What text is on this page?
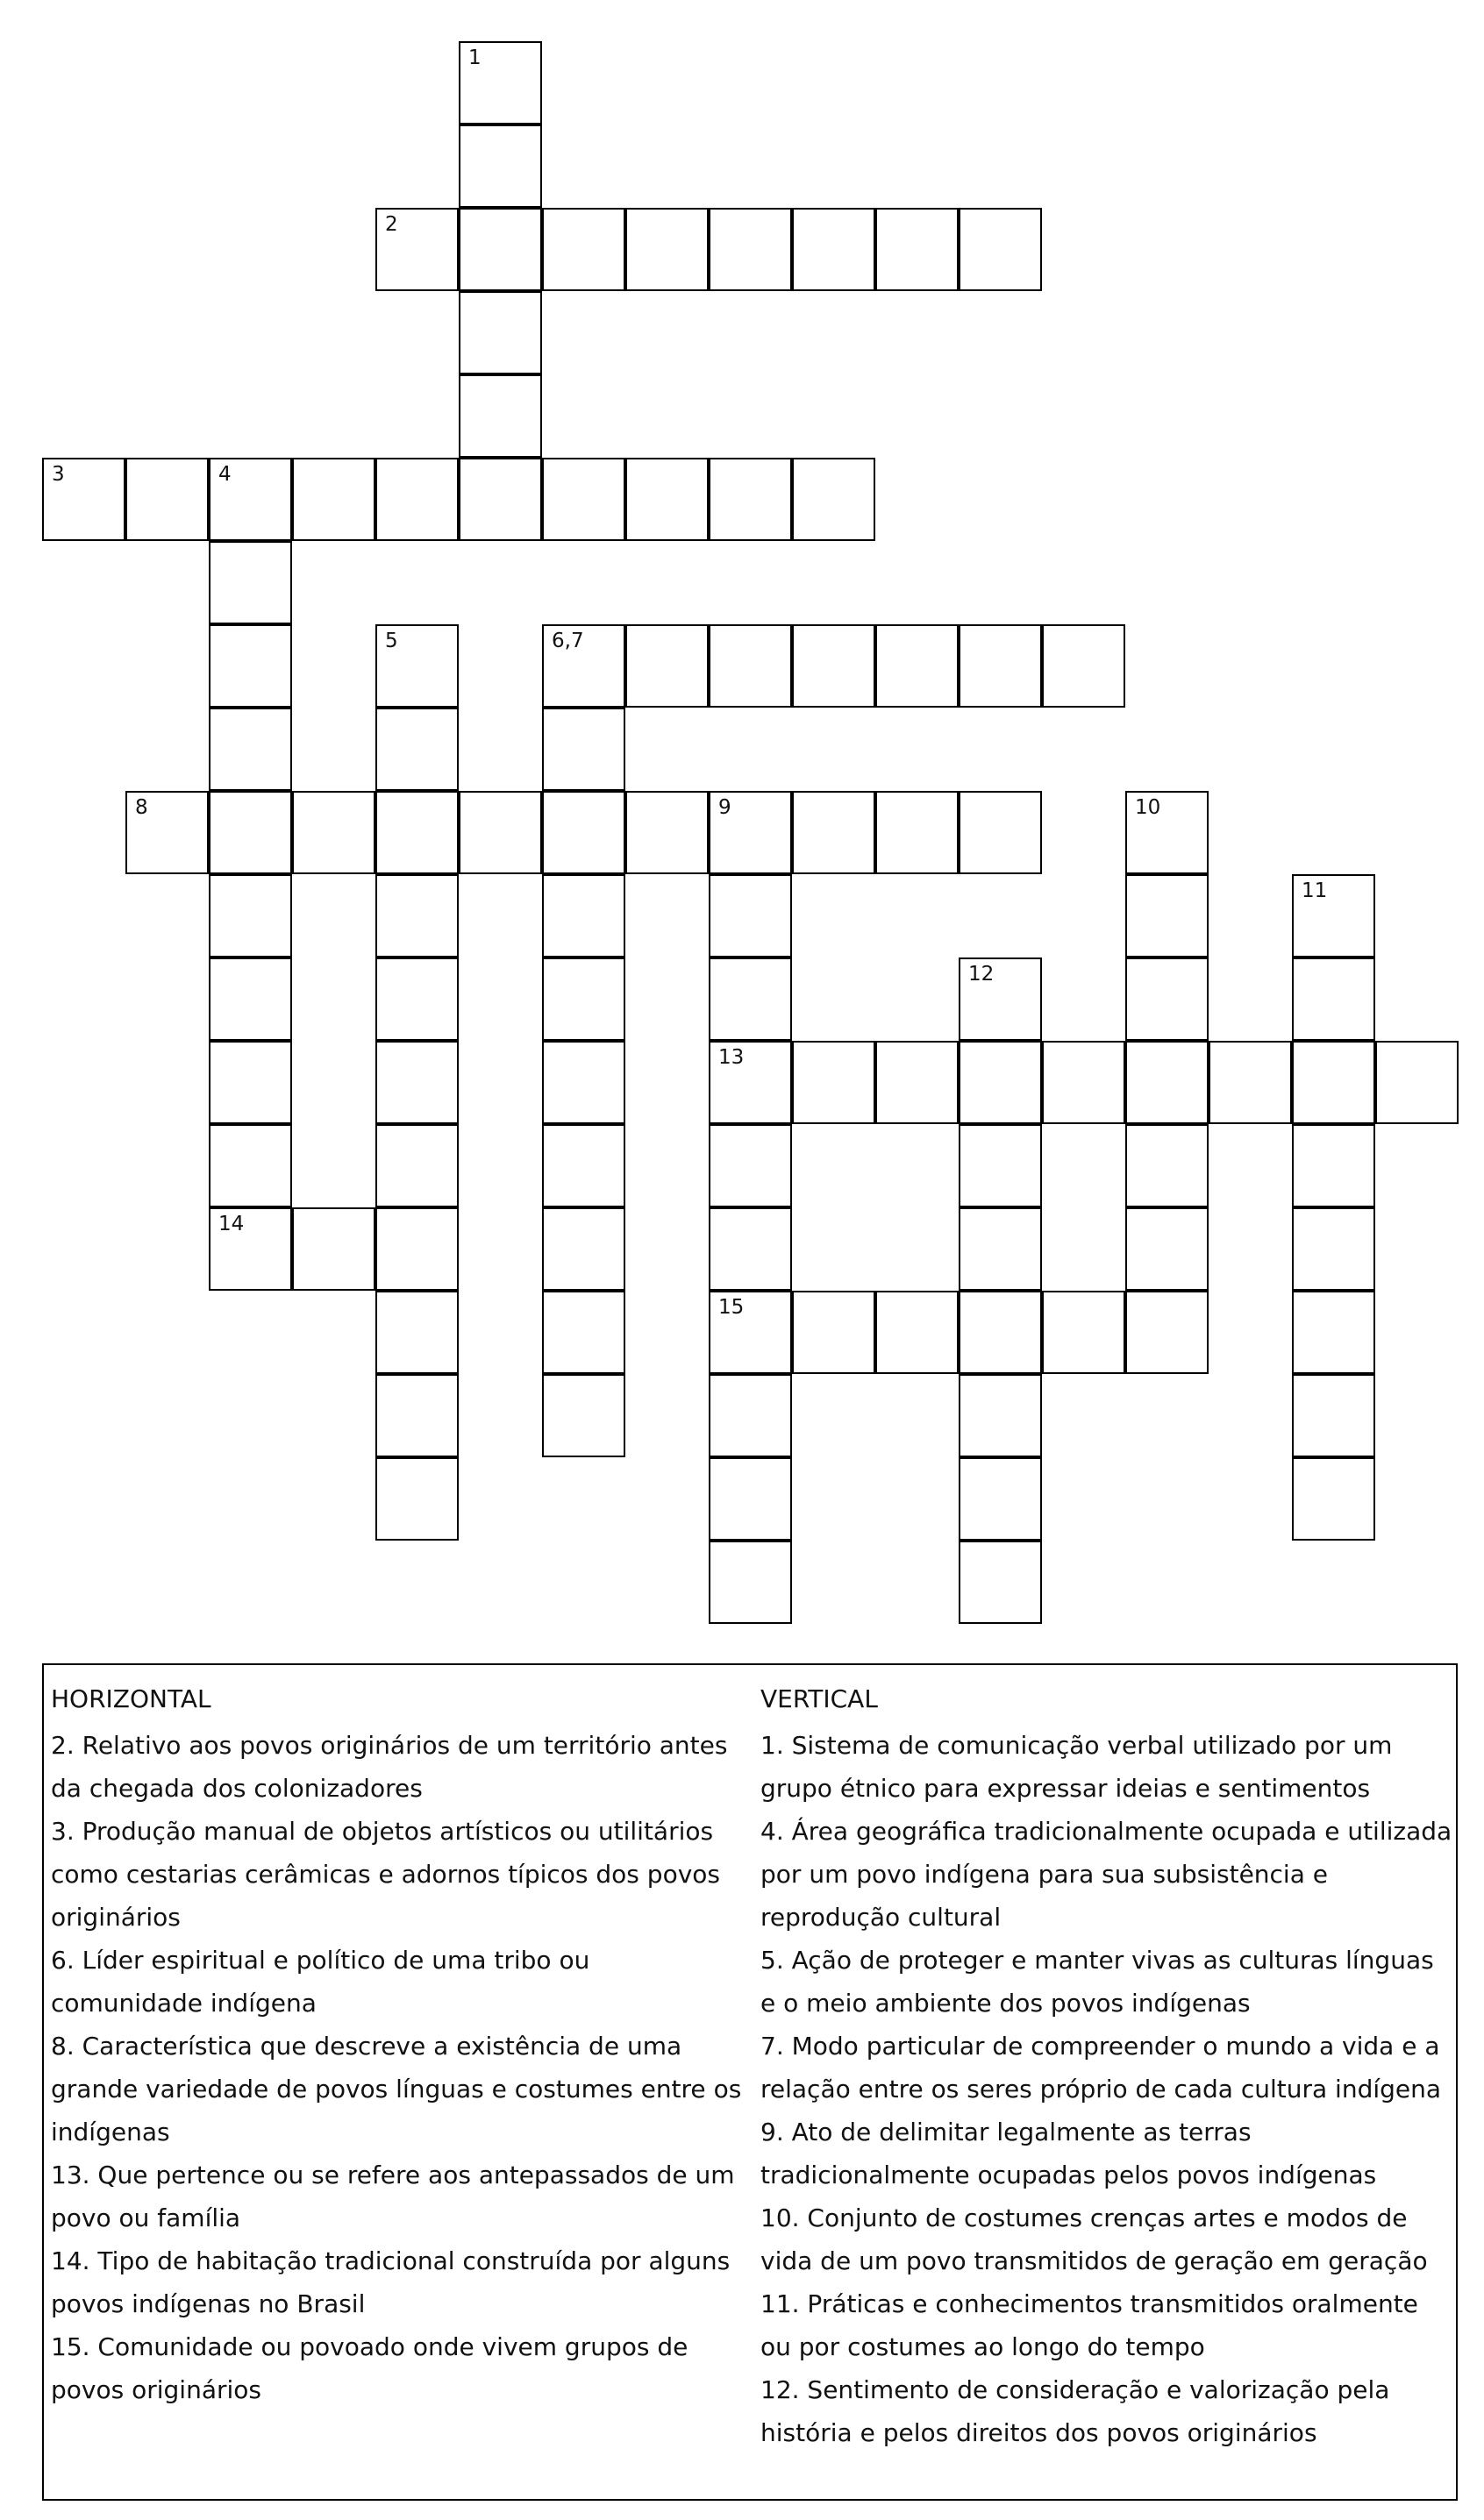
1
2
3	4
14
5	6,7
8	9
13
15
10
11
12
HORIZONTAL
2. Relativo aos povos originários de um território antes da chegada dos colonizadores
3. Produção manual de objetos artísticos ou utilitários como cestarias cerâmicas e adornos típicos dos povos originários
6. Líder espiritual e político de uma tribo ou comunidade indígena
8. Característica que descreve a existência de uma grande variedade de povos línguas e costumes entre os indígenas
13. Que pertence ou se refere aos antepassados de um povo ou família
14. Tipo de habitação tradicional construída por alguns povos indígenas no Brasil
15. Comunidade ou povoado onde vivem grupos de povos originários
VERTICAL
1. Sistema de comunicação verbal utilizado por um grupo étnico para expressar ideias e sentimentos
4. Área geográfica tradicionalmente ocupada e utilizada por um povo indígena para sua subsistência e reprodução cultural
5. Ação de proteger e manter vivas as culturas línguas e o meio ambiente dos povos indígenas
7. Modo particular de compreender o mundo a vida e a relação entre os seres próprio de cada cultura indígena
9. Ato de delimitar legalmente as terras tradicionalmente ocupadas pelos povos indígenas
10. Conjunto de costumes crenças artes e modos de vida de um povo transmitidos de geração em geração
11. Práticas e conhecimentos transmitidos oralmente ou por costumes ao longo do tempo
12. Sentimento de consideração e valorização pela história e pelos direitos dos povos originários
